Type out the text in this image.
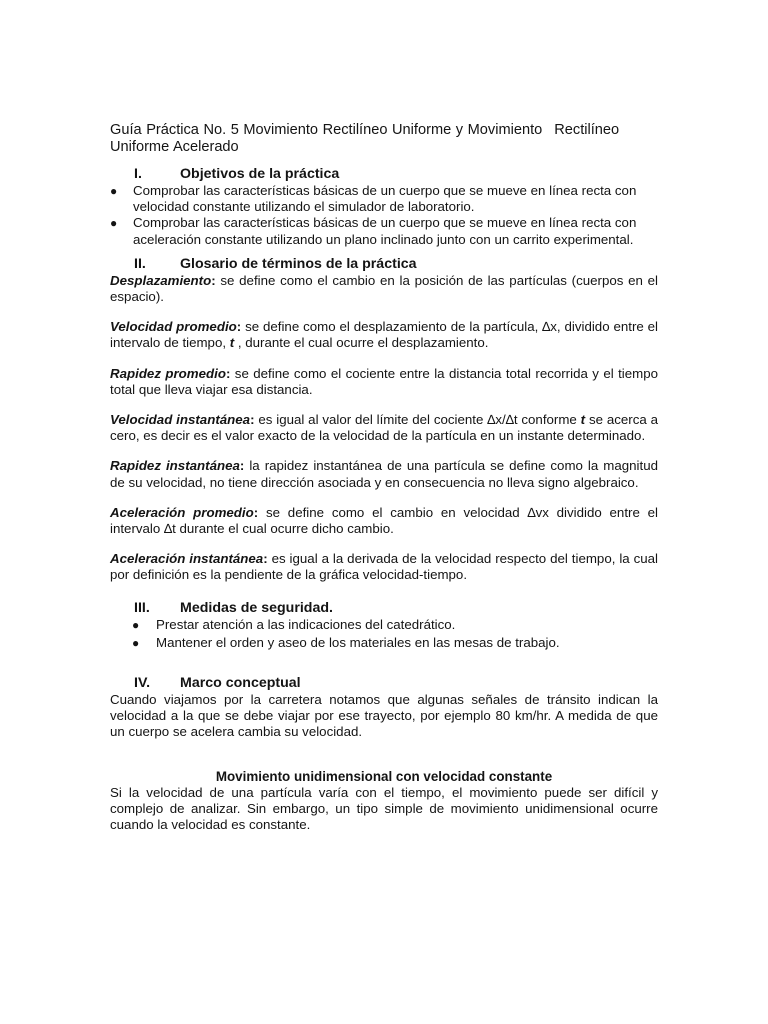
Guía Práctica No. 5 Movimiento Rectilíneo Uniforme y Movimiento Rectilíneo
Uniforme Acelerado
I.	Objetivos de la práctica
● Comprobar las características básicas de un cuerpo que se mueve en línea recta con velocidad constante utilizando el simulador de laboratorio.
● Comprobar las características básicas de un cuerpo que se mueve en línea recta con aceleración constante utilizando un plano inclinado junto con un carrito experimental.
II.	Glosario de términos de la práctica

Desplazamiento: se define como el cambio en la posición de las partículas (cuerpos en el espacio).

Velocidad promedio: se define como el desplazamiento de la partícula, ∆x, dividido entre el intervalo de tiempo, t , durante el cual ocurre el desplazamiento.

Rapidez promedio: se define como el cociente entre la distancia total recorrida y el tiempo total que lleva viajar esa distancia.

Velocidad instantánea: es igual al valor del límite del cociente ∆x/∆t conforme t se acerca a cero, es decir es el valor exacto de la velocidad de la partícula en un instante determinado.

Rapidez instantánea: la rapidez instantánea de una partícula se define como la magnitud de su velocidad, no tiene dirección asociada y en consecuencia no lleva signo algebraico.

Aceleración promedio: se define como el cambio en velocidad ∆vx dividido entre el intervalo ∆t durante el cual ocurre dicho cambio.

Aceleración instantánea: es igual a la derivada de la velocidad respecto del tiempo, la cual por definición es la pendiente de la gráfica velocidad-tiempo.

III.	Medidas de seguridad.
● Prestar atención a las indicaciones del catedrático.
● Mantener el orden y aseo de los materiales en las mesas de trabajo.
IV.	Marco conceptual

Cuando viajamos por la carretera notamos que algunas señales de tránsito indican la velocidad a la que se debe viajar por ese trayecto, por ejemplo 80 km/hr. A medida de que un cuerpo se acelera cambia su velocidad.

Movimiento unidimensional con velocidad constante

Si la velocidad de una partícula varía con el tiempo, el movimiento puede ser difícil y complejo de analizar. Sin embargo, un tipo simple de movimiento unidimensional ocurre cuando la velocidad es constante.
